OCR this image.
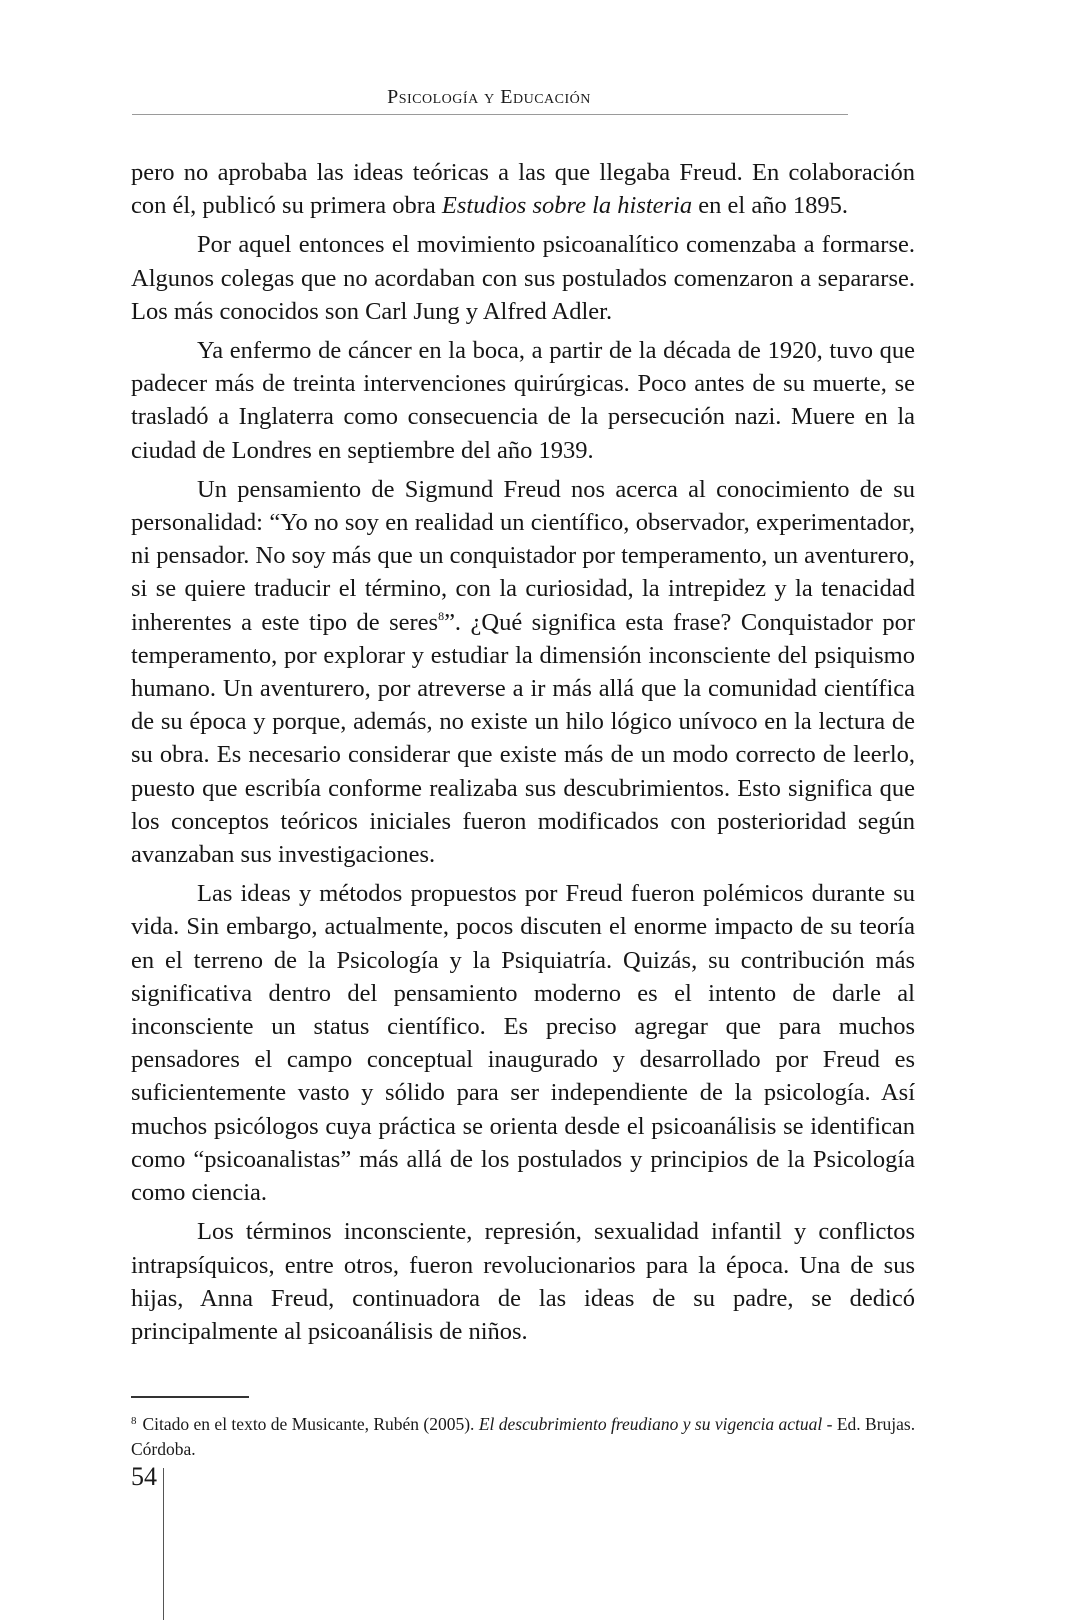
Psicología y Educación

pero no aprobaba las ideas teóricas a las que llegaba Freud. En colaboración con él, publicó su primera obra Estudios sobre la histeria en el año 1895.

Por aquel entonces el movimiento psicoanalítico comenzaba a formarse. Algunos colegas que no acordaban con sus postulados comenzaron a separarse. Los más conocidos son Carl Jung y Alfred Adler.

Ya enfermo de cáncer en la boca, a partir de la década de 1920, tuvo que padecer más de treinta intervenciones quirúrgicas. Poco antes de su muerte, se trasladó a Inglaterra como consecuencia de la persecución nazi. Muere en la ciudad de Londres en septiembre del año 1939.

Un pensamiento de Sigmund Freud nos acerca al conocimiento de su personalidad: “Yo no soy en realidad un científico, observador, experimentador, ni pensador. No soy más que un conquistador por temperamento, un aventurero, si se quiere traducir el término, con la curiosidad, la intrepidez y la tenacidad inherentes a este tipo de seres$^8$”. ¿Qué significa esta frase? Conquistador por temperamento, por explorar y estudiar la dimensión inconsciente del psiquismo humano. Un aventurero, por atreverse a ir más allá que la comunidad científica de su época y porque, además, no existe un hilo lógico unívoco en la lectura de su obra. Es necesario considerar que existe más de un modo correcto de leerlo, puesto que escribía conforme realizaba sus descubrimientos. Esto significa que los conceptos teóricos iniciales fueron modificados con posterioridad según avanzaban sus investigaciones.

Las ideas y métodos propuestos por Freud fueron polémicos durante su vida. Sin embargo, actualmente, pocos discuten el enorme impacto de su teoría en el terreno de la Psicología y la Psiquiatría. Quizás, su contribución más significativa dentro del pensamiento moderno es el intento de darle al inconsciente un status científico. Es preciso agregar que para muchos pensadores el campo conceptual inaugurado y desarrollado por Freud es suficientemente vasto y sólido para ser independiente de la psicología. Así muchos psicólogos cuya práctica se orienta desde el psicoanálisis se identifican como “psicoanalistas” más allá de los postulados y principios de la Psicología como ciencia.

Los términos inconsciente, represión, sexualidad infantil y conflictos intrapsíquicos, entre otros, fueron revolucionarios para la época. Una de sus hijas, Anna Freud, continuadora de las ideas de su padre, se dedicó principalmente al psicoanálisis de niños.

$^8$ Citado en el texto de Musicante, Rubén (2005). El descubrimiento freudiano y su vigencia actual - Ed. Brujas. Córdoba.
54
